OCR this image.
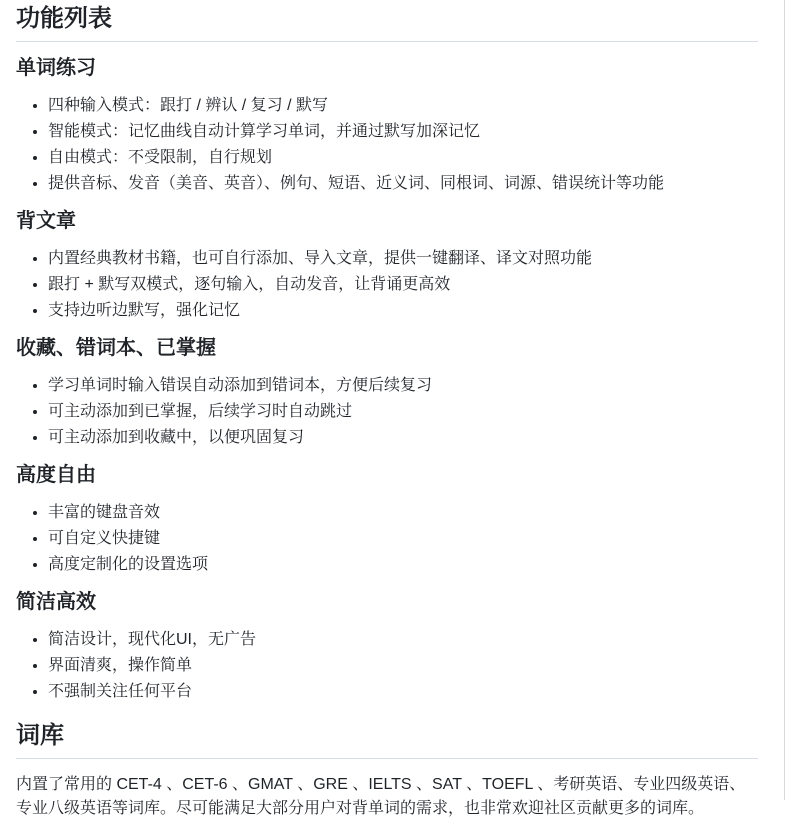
功能列表
单词练习
• 四种输入模式：跟打 / 辨认 / 复习 / 默写
• 智能模式：记忆曲线自动计算学习单词，并通过默写加深记忆
• 自由模式：不受限制，自行规划
• 提供音标、发音（美音、英音）、例句、短语、近义词、同根词、词源、错误统计等功能
背文章
• 内置经典教材书籍，也可自行添加、导入文章，提供一键翻译、译文对照功能
• 跟打 + 默写双模式，逐句输入，自动发音，让背诵更高效
• 支持边听边默写，强化记忆
收藏、错词本、已掌握
• 学习单词时输入错误自动添加到错词本，方便后续复习
• 可主动添加到已掌握，后续学习时自动跳过
• 可主动添加到收藏中，以便巩固复习
高度自由
• 丰富的键盘音效
• 可自定义快捷键
• 高度定制化的设置选项
简洁高效
• 简洁设计，现代化UI，无广告
• 界面清爽，操作简单
• 不强制关注任何平台
词库

内置了常用的 CET-4 、CET-6 、GMAT 、GRE 、IELTS 、SAT 、TOEFL 、考研英语、专业四级英语、专业八级英语等词库。尽可能满足大部分用户对背单词的需求，也非常欢迎社区贡献更多的词库。
